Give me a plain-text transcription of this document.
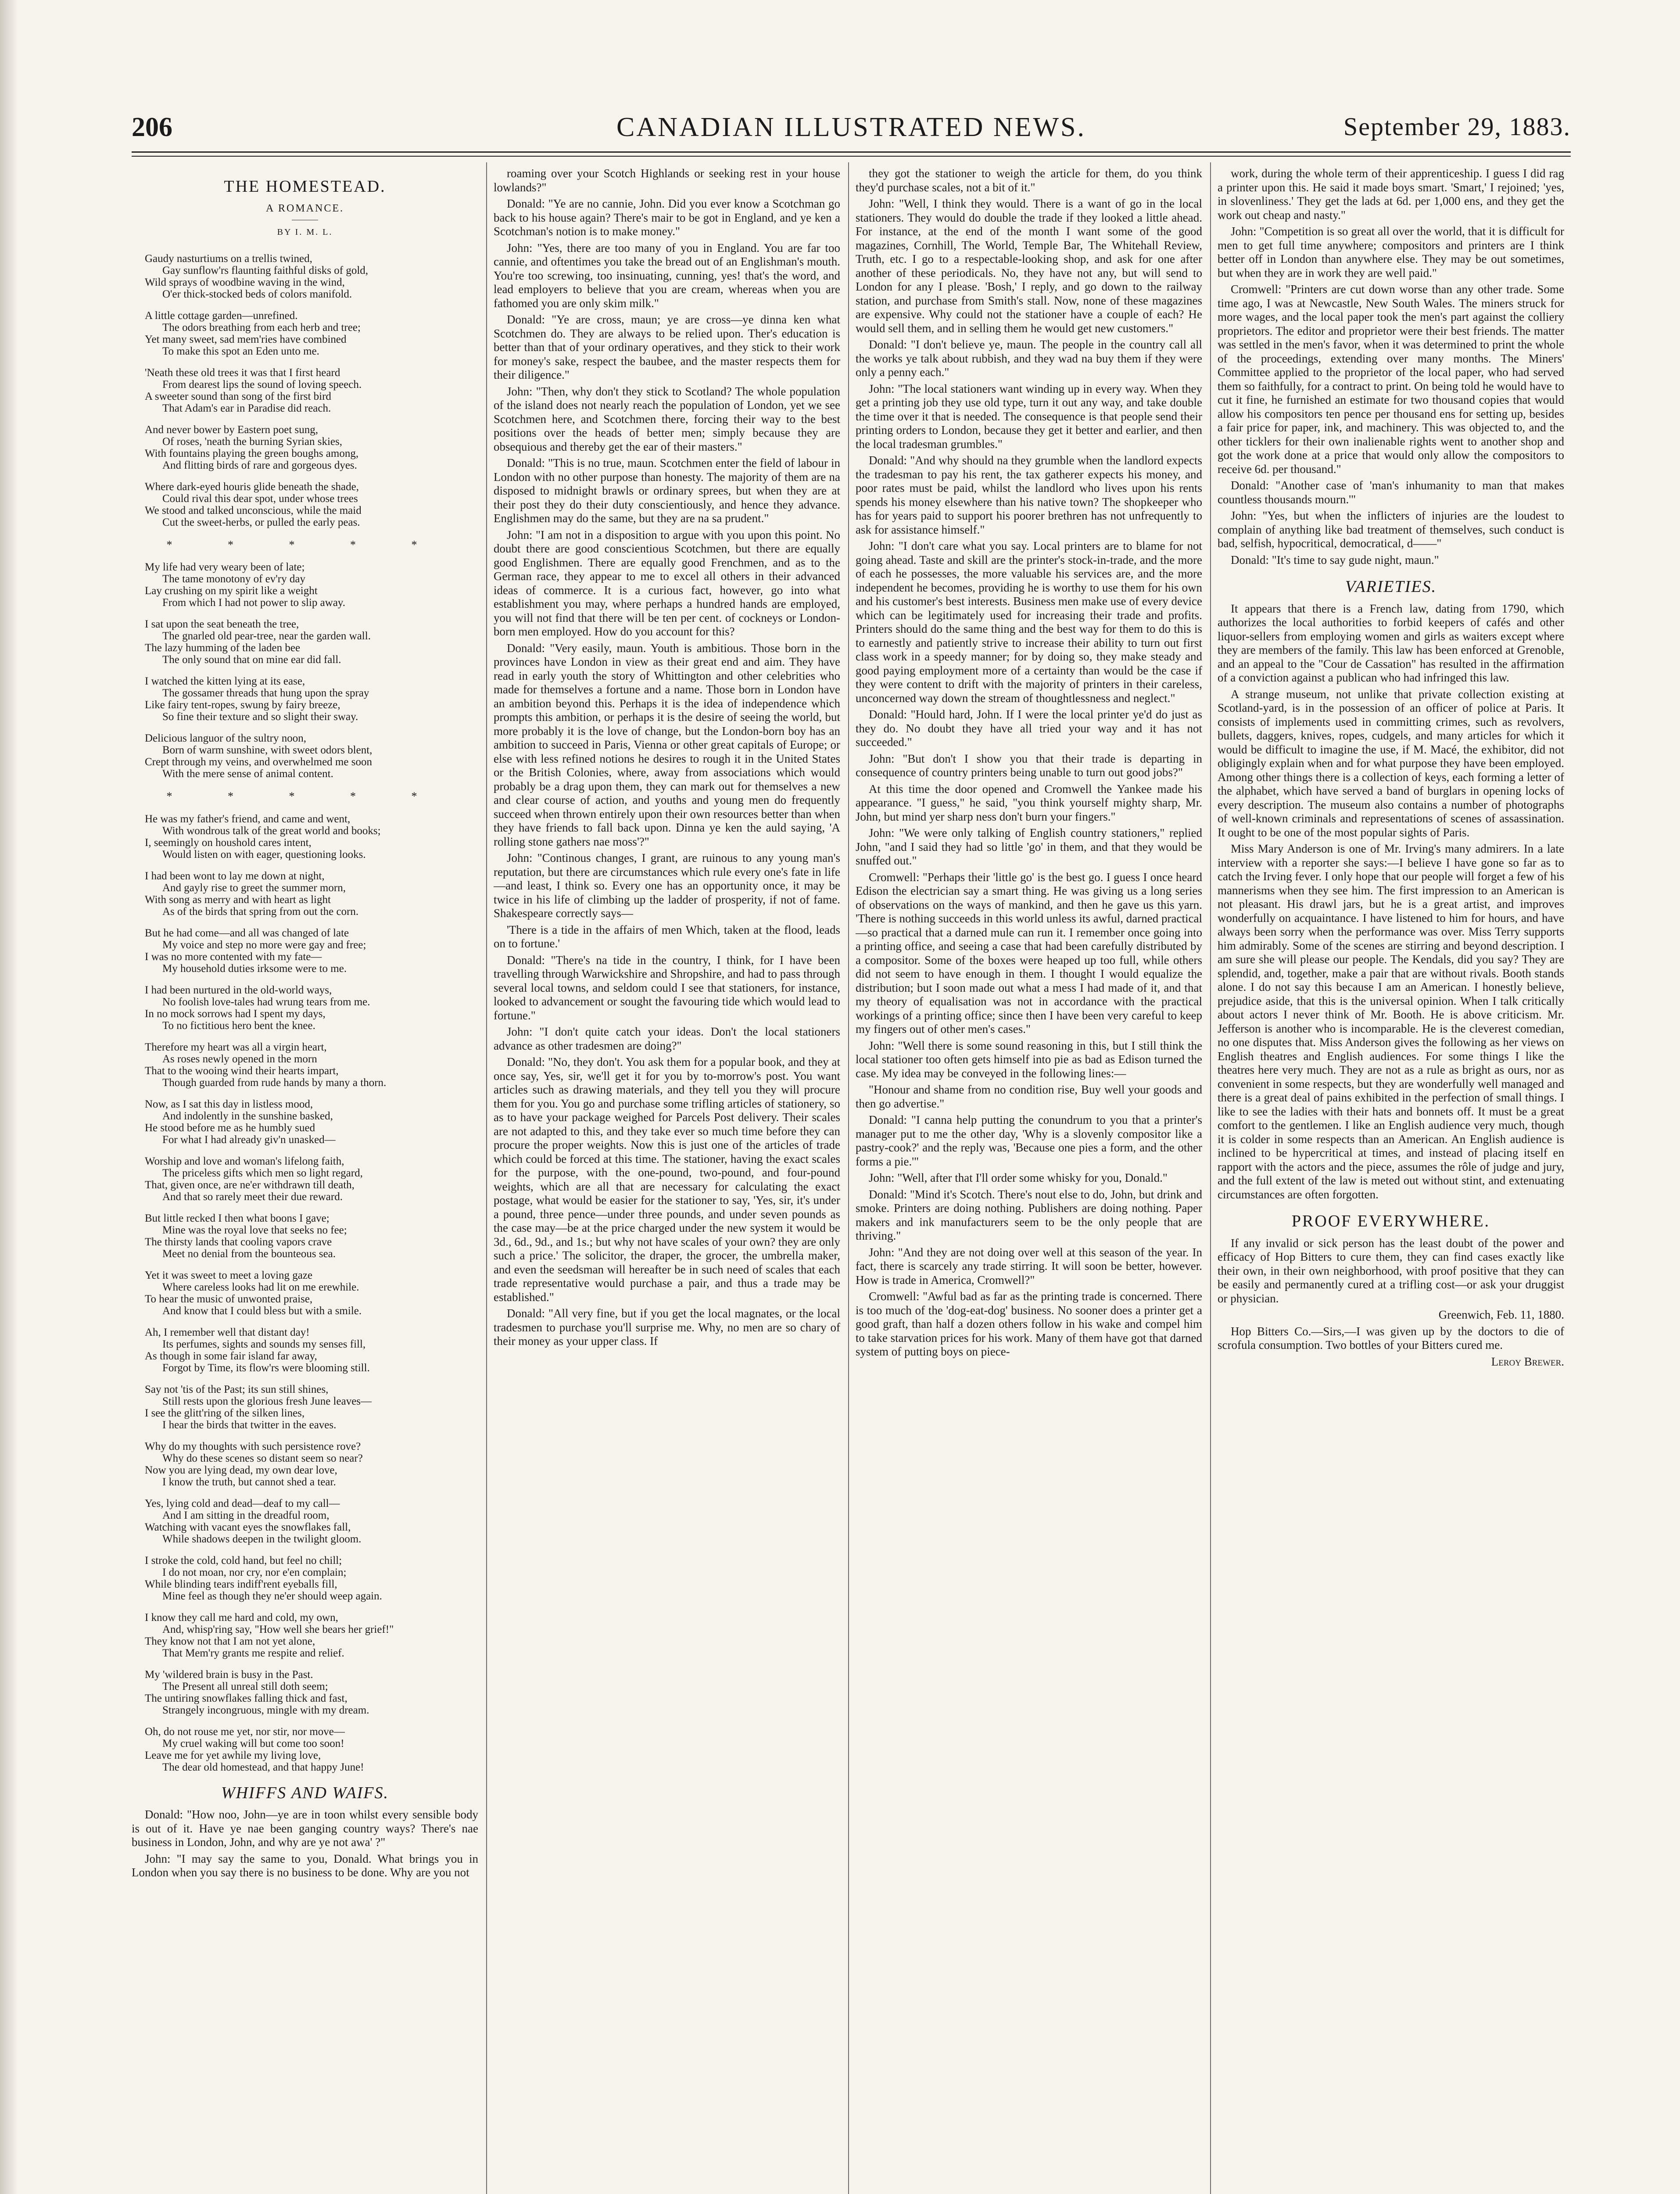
206	CANADIAN ILLUSTRATED NEWS.	September 29, 1883.
THE HOMESTEAD.
A ROMANCE.
BY I. M. L.
Gaudy nasturtiums on a trellis twined,
Gay sunflow'rs flaunting faithful disks of gold,
Wild sprays of woodbine waving in the wind,
O'er thick-stocked beds of colors manifold.
A little cottage garden—unrefined.
The odors breathing from each herb and tree;
Yet many sweet, sad mem'ries have combined
To make this spot an Eden unto me.
'Neath these old trees it was that I first heard
From dearest lips the sound of loving speech.
A sweeter sound than song of the first bird
That Adam's ear in Paradise did reach.
And never bower by Eastern poet sung,
Of roses, 'neath the burning Syrian skies,
With fountains playing the green boughs among,
And flitting birds of rare and gorgeous dyes.
Where dark-eyed houris glide beneath the shade,
Could rival this dear spot, under whose trees
We stood and talked unconscious, while the maid
Cut the sweet-herbs, or pulled the early peas.
* * * * *
My life had very weary been of late;
The tame monotony of ev'ry day
Lay crushing on my spirit like a weight
From which I had not power to slip away.
I sat upon the seat beneath the tree,
The gnarled old pear-tree, near the garden wall.
The lazy humming of the laden bee
The only sound that on mine ear did fall.
I watched the kitten lying at its ease,
The gossamer threads that hung upon the spray
Like fairy tent-ropes, swung by fairy breeze,
So fine their texture and so slight their sway.
Delicious languor of the sultry noon,
Born of warm sunshine, with sweet odors blent,
Crept through my veins, and overwhelmed me soon
With the mere sense of animal content.
* * * * *
He was my father's friend, and came and went,
With wondrous talk of the great world and books;
I, seemingly on houshold cares intent,
Would listen on with eager, questioning looks.
I had been wont to lay me down at night,
And gayly rise to greet the summer morn,
With song as merry and with heart as light
As of the birds that spring from out the corn.
But he had come—and all was changed of late
My voice and step no more were gay and free;
I was no more contented with my fate—
My household duties irksome were to me.
I had been nurtured in the old-world ways,
No foolish love-tales had wrung tears from me.
In no mock sorrows had I spent my days,
To no fictitious hero bent the knee.
Therefore my heart was all a virgin heart,
As roses newly opened in the morn
That to the wooing wind their hearts impart,
Though guarded from rude hands by many a thorn.
Now, as I sat this day in listless mood,
And indolently in the sunshine basked,
He stood before me as he humbly sued
For what I had already giv'n unasked—
Worship and love and woman's lifelong faith,
The priceless gifts which men so light regard,
That, given once, are ne'er withdrawn till death,
And that so rarely meet their due reward.
But little recked I then what boons I gave;
Mine was the royal love that seeks no fee;
The thirsty lands that cooling vapors crave
Meet no denial from the bounteous sea.
Yet it was sweet to meet a loving gaze
Where careless looks had lit on me erewhile.
To hear the music of unwonted praise,
And know that I could bless but with a smile.
Ah, I remember well that distant day!
Its perfumes, sights and sounds my senses fill,
As though in some fair island far away,
Forgot by Time, its flow'rs were blooming still.
Say not 'tis of the Past; its sun still shines,
Still rests upon the glorious fresh June leaves—
I see the glitt'ring of the silken lines,
I hear the birds that twitter in the eaves.
Why do my thoughts with such persistence rove?
Why do these scenes so distant seem so near?
Now you are lying dead, my own dear love,
I know the truth, but cannot shed a tear.
Yes, lying cold and dead—deaf to my call—
And I am sitting in the dreadful room,
Watching with vacant eyes the snowflakes fall,
While shadows deepen in the twilight gloom.
I stroke the cold, cold hand, but feel no chill;
I do not moan, nor cry, nor e'en complain;
While blinding tears indiff'rent eyeballs fill,
Mine feel as though they ne'er should weep again.
I know they call me hard and cold, my own,
And, whisp'ring say, "How well she bears her grief!"
They know not that I am not yet alone,
That Mem'ry grants me respite and relief.
My 'wildered brain is busy in the Past.
The Present all unreal still doth seem;
The untiring snowflakes falling thick and fast,
Strangely incongruous, mingle with my dream.
Oh, do not rouse me yet, nor stir, nor move—
My cruel waking will but come too soon!
Leave me for yet awhile my living love,
The dear old homestead, and that happy June!
WHIFFS AND WAIFS.

Donald: "How noo, John—ye are in toon whilst every sensible body is out of it. Have ye nae been ganging country ways? There's nae business in London, John, and why are ye not awa' ?"

John: "I may say the same to you, Donald. What brings you in London when you say there is no business to be done. Why are you not

roaming over your Scotch Highlands or seeking rest in your house lowlands?"

Donald: "Ye are no cannie, John. Did you ever know a Scotchman go back to his house again? There's mair to be got in England, and ye ken a Scotchman's notion is to make money."

John: "Yes, there are too many of you in England. You are far too cannie, and oftentimes you take the bread out of an Englishman's mouth. You're too screwing, too insinuating, cunning, yes! that's the word, and lead employers to believe that you are cream, whereas when you are fathomed you are only skim milk."

Donald: "Ye are cross, maun; ye are cross—ye dinna ken what Scotchmen do. They are always to be relied upon. Ther's education is better than that of your ordinary operatives, and they stick to their work for money's sake, respect the baubee, and the master respects them for their diligence."

John: "Then, why don't they stick to Scotland? The whole population of the island does not nearly reach the population of London, yet we see Scotchmen here, and Scotchmen there, forcing their way to the best positions over the heads of better men; simply because they are obsequious and thereby get the ear of their masters."

Donald: "This is no true, maun. Scotchmen enter the field of labour in London with no other purpose than honesty. The majority of them are na disposed to midnight brawls or ordinary sprees, but when they are at their post they do their duty conscientiously, and hence they advance. Englishmen may do the same, but they are na sa prudent."

John: "I am not in a disposition to argue with you upon this point. No doubt there are good conscientious Scotchmen, but there are equally good Englishmen. There are equally good Frenchmen, and as to the German race, they appear to me to excel all others in their advanced ideas of commerce. It is a curious fact, however, go into what establishment you may, where perhaps a hundred hands are employed, you will not find that there will be ten per cent. of cockneys or London-born men employed. How do you account for this?

Donald: "Very easily, maun. Youth is ambitious. Those born in the provinces have London in view as their great end and aim. They have read in early youth the story of Whittington and other celebrities who made for themselves a fortune and a name. Those born in London have an ambition beyond this. Perhaps it is the idea of independence which prompts this ambition, or perhaps it is the desire of seeing the world, but more probably it is the love of change, but the London-born boy has an ambition to succeed in Paris, Vienna or other great capitals of Europe; or else with less refined notions he desires to rough it in the United States or the British Colonies, where, away from associations which would probably be a drag upon them, they can mark out for themselves a new and clear course of action, and youths and young men do frequently succeed when thrown entirely upon their own resources better than when they have friends to fall back upon. Dinna ye ken the auld saying, 'A rolling stone gathers nae moss'?"

John: "Continous changes, I grant, are ruinous to any young man's reputation, but there are circumstances which rule every one's fate in life—and least, I think so. Every one has an opportunity once, it may be twice in his life of climbing up the ladder of prosperity, if not of fame. Shakespeare correctly says—

'There is a tide in the affairs of men Which, taken at the flood, leads on to fortune.'

Donald: "There's na tide in the country, I think, for I have been travelling through Warwickshire and Shropshire, and had to pass through several local towns, and seldom could I see that stationers, for instance, looked to advancement or sought the favouring tide which would lead to fortune."

John: "I don't quite catch your ideas. Don't the local stationers advance as other tradesmen are doing?"

Donald: "No, they don't. You ask them for a popular book, and they at once say, Yes, sir, we'll get it for you by to-morrow's post. You want articles such as drawing materials, and they tell you they will procure them for you. You go and purchase some trifling articles of stationery, so as to have your package weighed for Parcels Post delivery. Their scales are not adapted to this, and they take ever so much time before they can procure the proper weights. Now this is just one of the articles of trade which could be forced at this time. The stationer, having the exact scales for the purpose, with the one-pound, two-pound, and four-pound weights, which are all that are necessary for calculating the exact postage, what would be easier for the stationer to say, 'Yes, sir, it's under a pound, three pence—under three pounds, and under seven pounds as the case may—be at the price charged under the new system it would be 3d., 6d., 9d., and 1s.; but why not have scales of your own? they are only such a price.' The solicitor, the draper, the grocer, the umbrella maker, and even the seedsman will hereafter be in such need of scales that each trade representative would purchase a pair, and thus a trade may be established."

Donald: "All very fine, but if you get the local magnates, or the local tradesmen to purchase you'll surprise me. Why, no men are so chary of their money as your upper class. If

they got the stationer to weigh the article for them, do you think they'd purchase scales, not a bit of it."

John: "Well, I think they would. There is a want of go in the local stationers. They would do double the trade if they looked a little ahead. For instance, at the end of the month I want some of the good magazines, Cornhill, The World, Temple Bar, The Whitehall Review, Truth, etc. I go to a respectable-looking shop, and ask for one after another of these periodicals. No, they have not any, but will send to London for any I please. 'Bosh,' I reply, and go down to the railway station, and purchase from Smith's stall. Now, none of these magazines are expensive. Why could not the stationer have a couple of each? He would sell them, and in selling them he would get new customers."

Donald: "I don't believe ye, maun. The people in the country call all the works ye talk about rubbish, and they wad na buy them if they were only a penny each."

John: "The local stationers want winding up in every way. When they get a printing job they use old type, turn it out any way, and take double the time over it that is needed. The consequence is that people send their printing orders to London, because they get it better and earlier, and then the local tradesman grumbles."

Donald: "And why should na they grumble when the landlord expects the tradesman to pay his rent, the tax gatherer expects his money, and poor rates must be paid, whilst the landlord who lives upon his rents spends his money elsewhere than his native town? The shopkeeper who has for years paid to support his poorer brethren has not unfrequently to ask for assistance himself."

John: "I don't care what you say. Local printers are to blame for not going ahead. Taste and skill are the printer's stock-in-trade, and the more of each he possesses, the more valuable his services are, and the more independent he becomes, providing he is worthy to use them for his own and his customer's best interests. Business men make use of every device which can be legitimately used for increasing their trade and profits. Printers should do the same thing and the best way for them to do this is to earnestly and patiently strive to increase their ability to turn out first class work in a speedy manner; for by doing so, they make steady and good paying employment more of a certainty than would be the case if they were content to drift with the majority of printers in their careless, unconcerned way down the stream of thoughtlessness and neglect."

Donald: "Hould hard, John. If I were the local printer ye'd do just as they do. No doubt they have all tried your way and it has not succeeded."

John: "But don't I show you that their trade is departing in consequence of country printers being unable to turn out good jobs?"

At this time the door opened and Cromwell the Yankee made his appearance. "I guess," he said, "you think yourself mighty sharp, Mr. John, but mind yer sharp ness don't burn your fingers."

John: "We were only talking of English country stationers," replied John, "and I said they had so little 'go' in them, and that they would be snuffed out."

Cromwell: "Perhaps their 'little go' is the best go. I guess I once heard Edison the electrician say a smart thing. He was giving us a long series of observations on the ways of mankind, and then he gave us this yarn. 'There is nothing succeeds in this world unless its awful, darned practical—so practical that a darned mule can run it. I remember once going into a printing office, and seeing a case that had been carefully distributed by a compositor. Some of the boxes were heaped up too full, while others did not seem to have enough in them. I thought I would equalize the distribution; but I soon made out what a mess I had made of it, and that my theory of equalisation was not in accordance with the practical workings of a printing office; since then I have been very careful to keep my fingers out of other men's cases."

John: "Well there is some sound reasoning in this, but I still think the local stationer too often gets himself into pie as bad as Edison turned the case. My idea may be conveyed in the following lines:—

"Honour and shame from no condition rise, Buy well your goods and then go advertise."

Donald: "I canna help putting the conundrum to you that a printer's manager put to me the other day, 'Why is a slovenly compositor like a pastry-cook?' and the reply was, 'Because one pies a form, and the other forms a pie.'"

John: "Well, after that I'll order some whisky for you, Donald."

Donald: "Mind it's Scotch. There's nout else to do, John, but drink and smoke. Printers are doing nothing. Publishers are doing nothing. Paper makers and ink manufacturers seem to be the only people that are thriving."

John: "And they are not doing over well at this season of the year. In fact, there is scarcely any trade stirring. It will soon be better, however. How is trade in America, Cromwell?"

Cromwell: "Awful bad as far as the printing trade is concerned. There is too much of the 'dog-eat-dog' business. No sooner does a printer get a good graft, than half a dozen others follow in his wake and compel him to take starvation prices for his work. Many of them have got that darned system of putting boys on piece-

work, during the whole term of their apprenticeship. I guess I did rag a printer upon this. He said it made boys smart. 'Smart,' I rejoined; 'yes, in slovenliness.' They get the lads at 6d. per 1,000 ens, and they get the work out cheap and nasty."

John: "Competition is so great all over the world, that it is difficult for men to get full time anywhere; compositors and printers are I think better off in London than anywhere else. They may be out sometimes, but when they are in work they are well paid."

Cromwell: "Printers are cut down worse than any other trade. Some time ago, I was at Newcastle, New South Wales. The miners struck for more wages, and the local paper took the men's part against the colliery proprietors. The editor and proprietor were their best friends. The matter was settled in the men's favor, when it was determined to print the whole of the proceedings, extending over many months. The Miners' Committee applied to the proprietor of the local paper, who had served them so faithfully, for a contract to print. On being told he would have to cut it fine, he furnished an estimate for two thousand copies that would allow his compositors ten pence per thousand ens for setting up, besides a fair price for paper, ink, and machinery. This was objected to, and the other ticklers for their own inalienable rights went to another shop and got the work done at a price that would only allow the compositors to receive 6d. per thousand."

Donald: "Another case of 'man's inhumanity to man that makes countless thousands mourn.'"

John: "Yes, but when the inflicters of injuries are the loudest to complain of anything like bad treatment of themselves, such conduct is bad, selfish, hypocritical, democratical, d——"

Donald: "It's time to say gude night, maun."

VARIETIES.

It appears that there is a French law, dating from 1790, which authorizes the local authorities to forbid keepers of cafés and other liquor-sellers from employing women and girls as waiters except where they are members of the family. This law has been enforced at Grenoble, and an appeal to the "Cour de Cassation" has resulted in the affirmation of a conviction against a publican who had infringed this law.

A strange museum, not unlike that private collection existing at Scotland-yard, is in the possession of an officer of police at Paris. It consists of implements used in committing crimes, such as revolvers, bullets, daggers, knives, ropes, cudgels, and many articles for which it would be difficult to imagine the use, if M. Macé, the exhibitor, did not obligingly explain when and for what purpose they have been employed. Among other things there is a collection of keys, each forming a letter of the alphabet, which have served a band of burglars in opening locks of every description. The museum also contains a number of photographs of well-known criminals and representations of scenes of assassination. It ought to be one of the most popular sights of Paris.

Miss Mary Anderson is one of Mr. Irving's many admirers. In a late interview with a reporter she says:—I believe I have gone so far as to catch the Irving fever. I only hope that our people will forget a few of his mannerisms when they see him. The first impression to an American is not pleasant. His drawl jars, but he is a great artist, and improves wonderfully on acquaintance. I have listened to him for hours, and have always been sorry when the performance was over. Miss Terry supports him admirably. Some of the scenes are stirring and beyond description. I am sure she will please our people. The Kendals, did you say? They are splendid, and, together, make a pair that are without rivals. Booth stands alone. I do not say this because I am an American. I honestly believe, prejudice aside, that this is the universal opinion. When I talk critically about actors I never think of Mr. Booth. He is above criticism. Mr. Jefferson is another who is incomparable. He is the cleverest comedian, no one disputes that. Miss Anderson gives the following as her views on English theatres and English audiences. For some things I like the theatres here very much. They are not as a rule as bright as ours, nor as convenient in some respects, but they are wonderfully well managed and there is a great deal of pains exhibited in the perfection of small things. I like to see the ladies with their hats and bonnets off. It must be a great comfort to the gentlemen. I like an English audience very much, though it is colder in some respects than an American. An English audience is inclined to be hypercritical at times, and instead of placing itself en rapport with the actors and the piece, assumes the rôle of judge and jury, and the full extent of the law is meted out without stint, and extenuating circumstances are often forgotten.

PROOF EVERYWHERE.

If any invalid or sick person has the least doubt of the power and efficacy of Hop Bitters to cure them, they can find cases exactly like their own, in their own neighborhood, with proof positive that they can be easily and permanently cured at a trifling cost—or ask your druggist or physician.

Greenwich, Feb. 11, 1880.

Hop Bitters Co.—Sirs,—I was given up by the doctors to die of scrofula consumption. Two bottles of your Bitters cured me.

Leroy Brewer.
